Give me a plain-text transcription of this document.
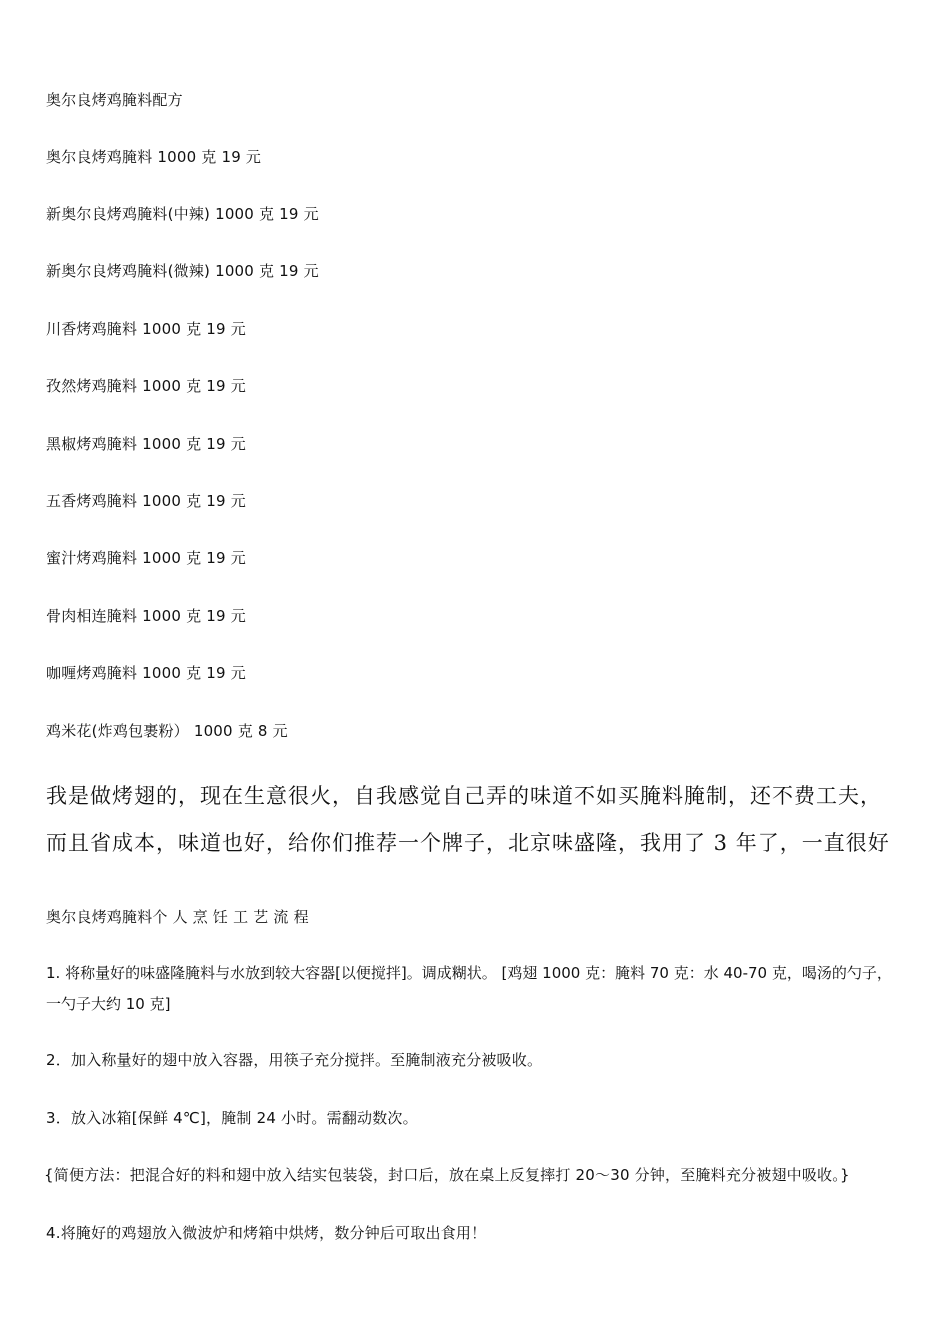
奥尔良烤鸡腌料配方
奥尔良烤鸡腌料 1000 克 19 元
新奥尔良烤鸡腌料(中辣) 1000 克 19 元
新奥尔良烤鸡腌料(微辣) 1000 克 19 元
川香烤鸡腌料 1000 克 19 元
孜然烤鸡腌料 1000 克 19 元
黑椒烤鸡腌料 1000 克 19 元
五香烤鸡腌料 1000 克 19 元
蜜汁烤鸡腌料 1000 克 19 元
骨肉相连腌料 1000 克 19 元
咖喱烤鸡腌料 1000 克 19 元
鸡米花(炸鸡包裹粉） 1000 克 8 元
我是做烤翅的，现在生意很火，自我感觉自己弄的味道不如买腌料腌制，还不费工夫，
而且省成本，味道也好，给你们推荐一个牌子，北京味盛隆，我用了 3 年了，一直很好
奥尔良烤鸡腌料个 人 烹 饪 工 艺 流 程
1. 将称量好的味盛隆腌料与水放到较大容器[以便搅拌]。调成糊状。 [鸡翅 1000 克：腌料 70 克：水 40-70 克，喝汤的勺子，一勺子大约 10 克]
2．加入称量好的翅中放入容器，用筷子充分搅拌。至腌制液充分被吸收。
3．放入冰箱[保鲜 4℃]，腌制 24 小时。需翻动数次。
{简便方法：把混合好的料和翅中放入结实包装袋，封口后，放在桌上反复摔打 20～30 分钟，至腌料充分被翅中吸收。}
4.将腌好的鸡翅放入微波炉和烤箱中烘烤，数分钟后可取出食用！
